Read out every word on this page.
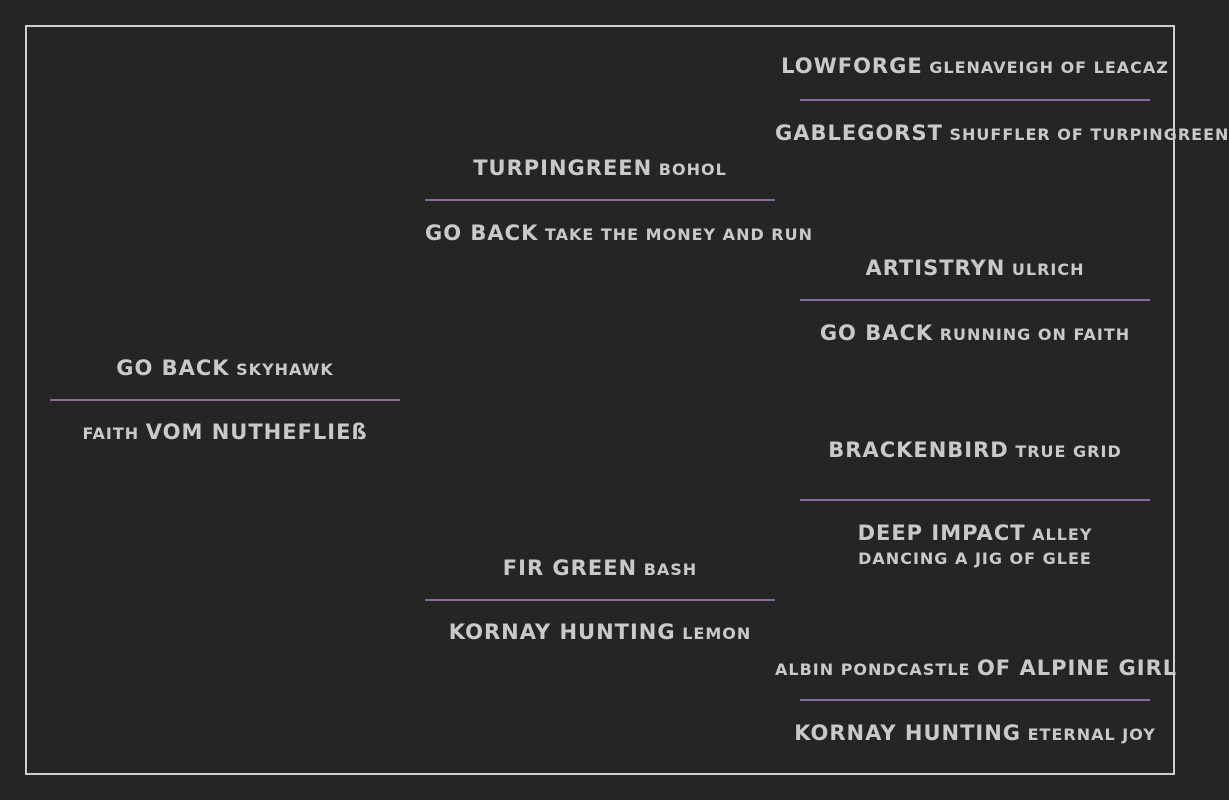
GO BACK SKYHAWK
FAITH VOM NUTHEFLIEß
TURPINGREEN BOHOL
GO BACK TAKE THE MONEY AND RUN
FIR GREEN BASH
KORNAY HUNTING LEMON
LOWFORGE GLENAVEIGH OF LEACAZ
GABLEGORST SHUFFLER OF TURPINGREEN
ARTISTRYN ULRICH
GO BACK RUNNING ON FAITH
BRACKENBIRD TRUE GRID
DEEP IMPACT ALLEY
DANCING A JIG OF GLEE
ALBIN PONDCASTLE OF ALPINE GIRL
KORNAY HUNTING ETERNAL JOY
